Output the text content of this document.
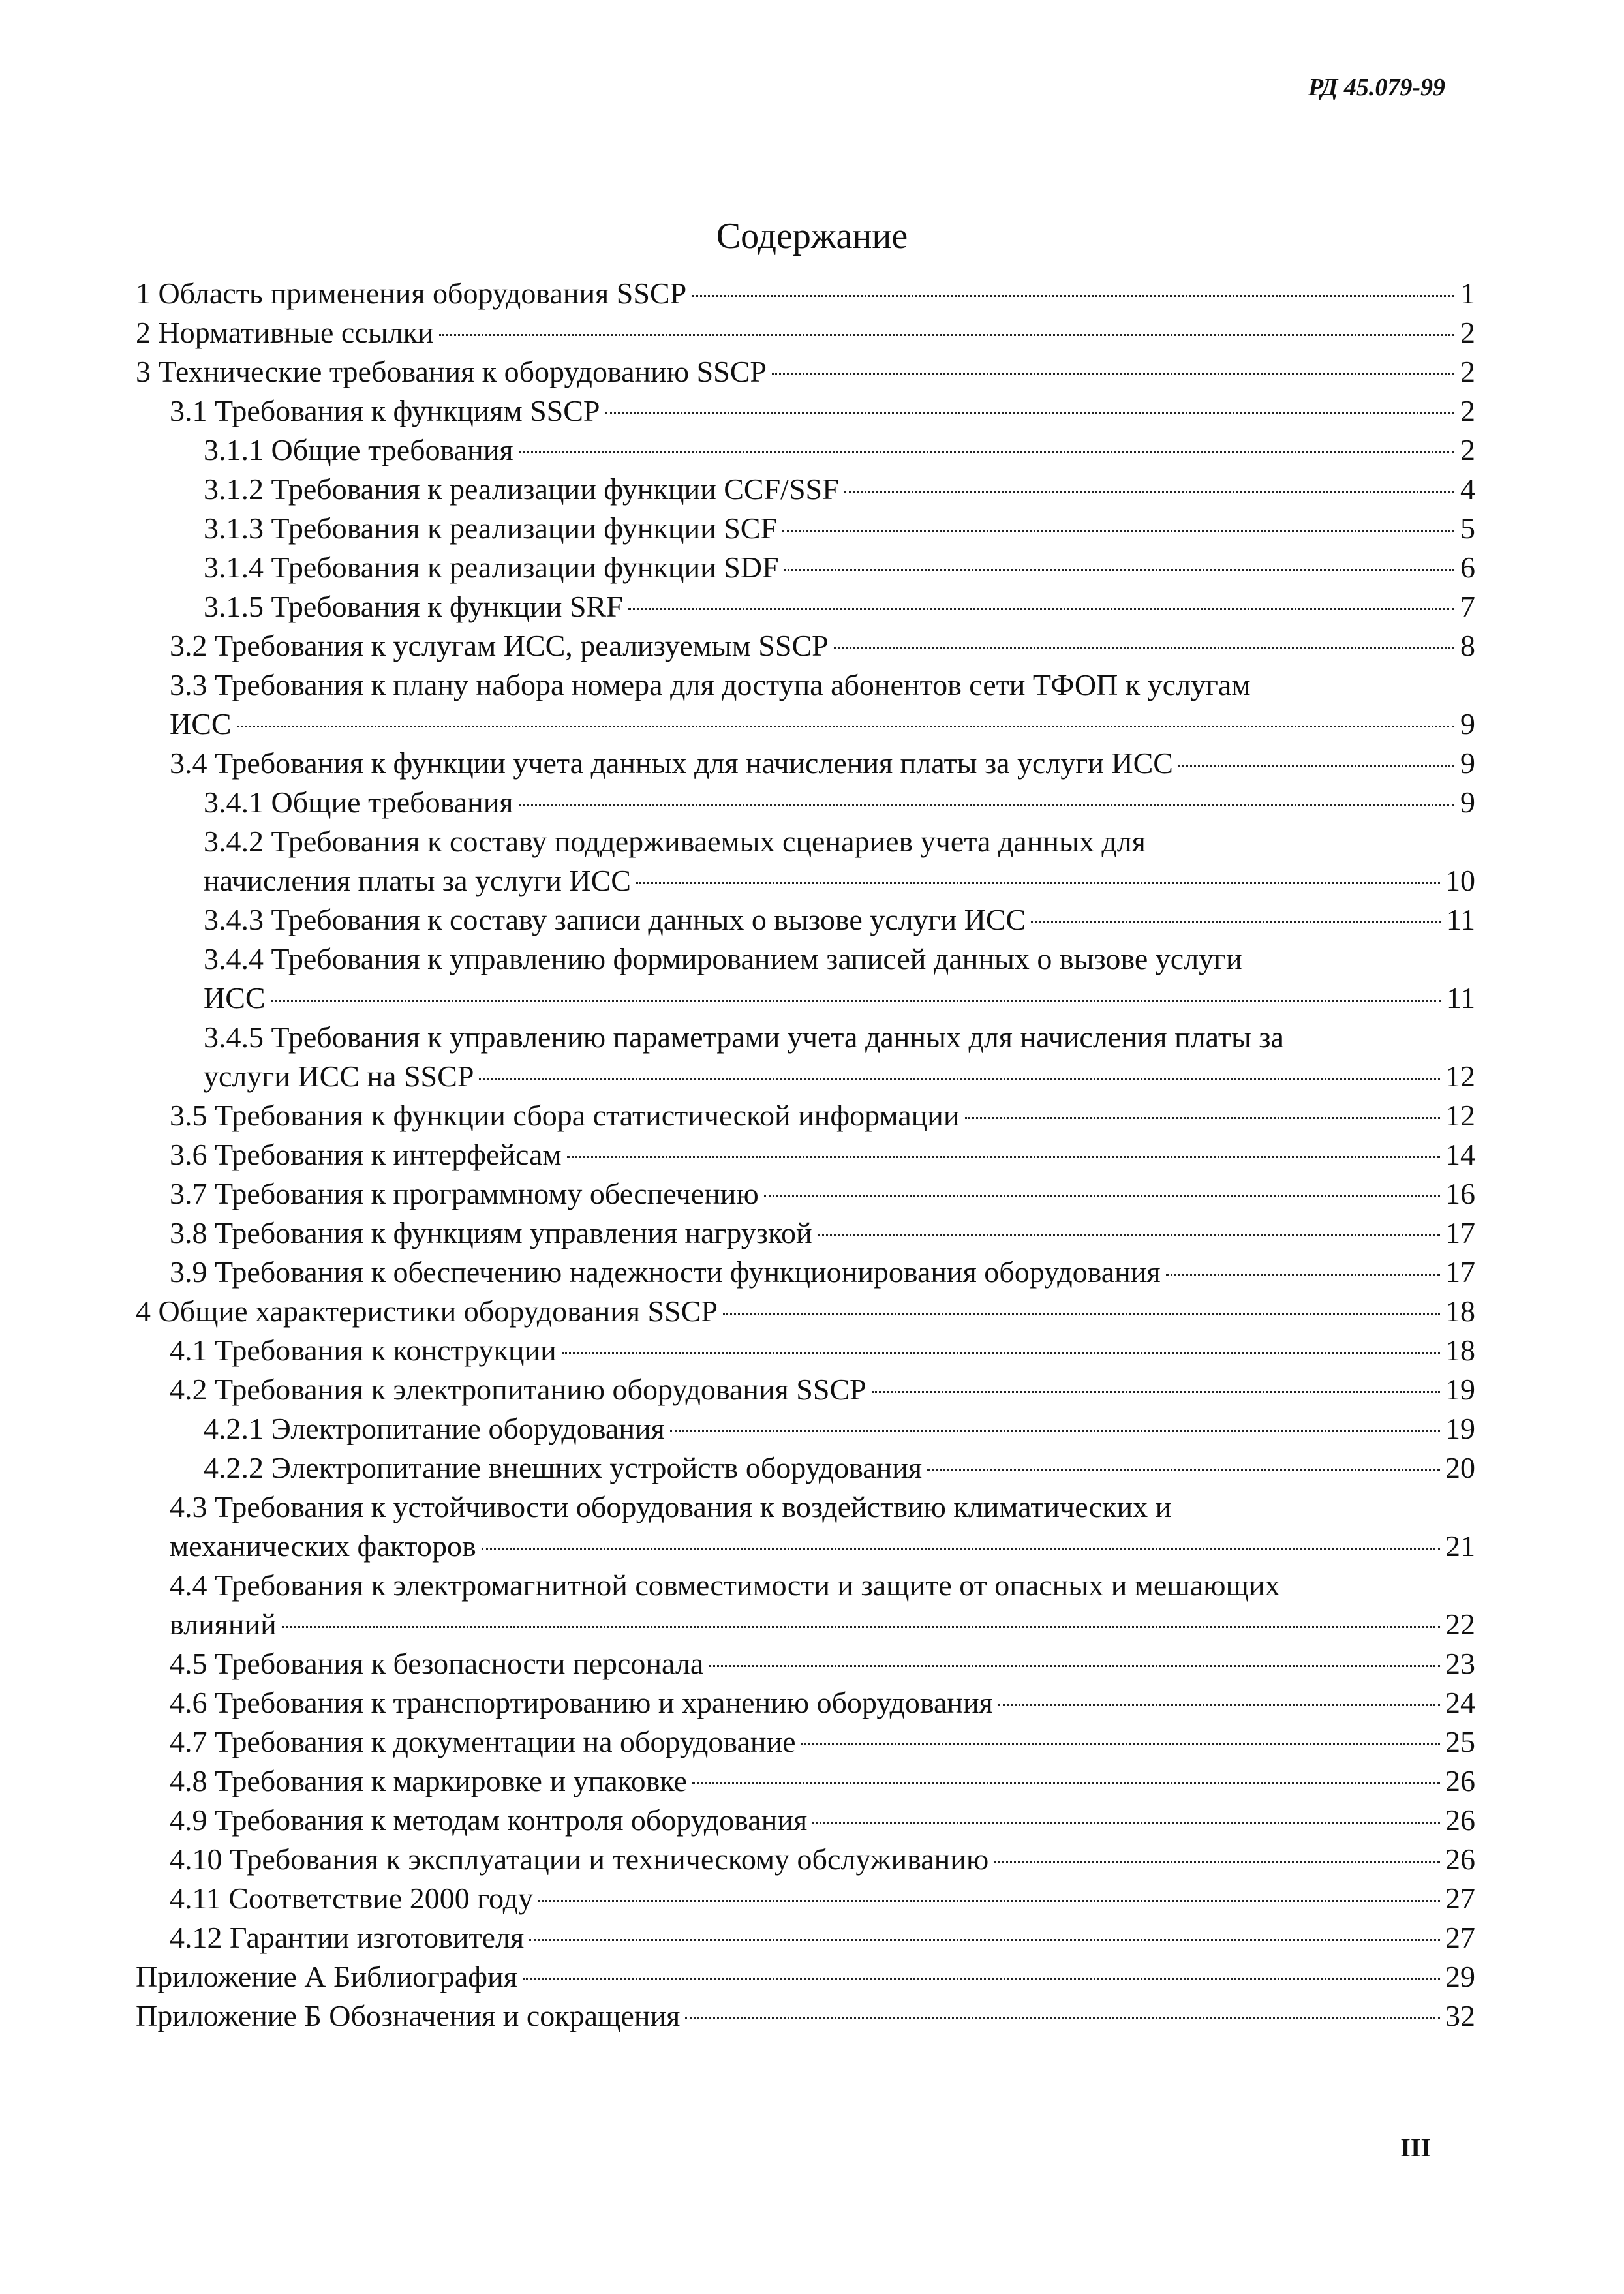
РД 45.079-99
Содержание
1 Область применения оборудования SSCP	1
2 Нормативные ссылки	2
3 Технические требования к оборудованию SSCP	2
3.1 Требования к функциям SSCP	2
3.1.1 Общие требования	2
3.1.2 Требования к реализации функции CCF/SSF	4
3.1.3 Требования к реализации функции SCF	5
3.1.4 Требования к реализации функции SDF	6
3.1.5 Требования к функции SRF	7
3.2 Требования к услугам ИСС, реализуемым SSCP	8
3.3 Требования к плану набора номера для доступа абонентов сети ТФОП к услугам
ИСС	9
3.4 Требования к функции учета данных для начисления платы за услуги ИСС	9
3.4.1 Общие требования	9
3.4.2 Требования к составу поддерживаемых сценариев учета данных для
начисления платы за услуги ИСС	10
3.4.3 Требования к составу записи данных о вызове услуги ИСС	11
3.4.4 Требования к управлению формированием записей данных о вызове услуги
ИСС	11
3.4.5 Требования к управлению параметрами учета данных для начисления платы за
услуги ИСС на SSCP	12
3.5 Требования к функции сбора статистической информации	12
3.6 Требования к интерфейсам	14
3.7 Требования к программному обеспечению	16
3.8 Требования к функциям управления нагрузкой	17
3.9 Требования к обеспечению надежности функционирования оборудования	17
4 Общие характеристики оборудования SSCP	18
4.1 Требования к конструкции	18
4.2 Требования к электропитанию оборудования SSCP	19
4.2.1 Электропитание оборудования	19
4.2.2 Электропитание внешних устройств оборудования	20
4.3 Требования к устойчивости оборудования к воздействию климатических и
механических факторов	21
4.4 Требования к электромагнитной совместимости и защите от опасных и мешающих
влияний	22
4.5 Требования к безопасности персонала	23
4.6 Требования к транспортированию и хранению оборудования	24
4.7 Требования к документации на оборудование	25
4.8 Требования к маркировке и упаковке	26
4.9 Требования к методам контроля оборудования	26
4.10 Требования к эксплуатации и техническому обслуживанию	26
4.11 Соответствие 2000 году	27
4.12 Гарантии изготовителя	27
Приложение А Библиография	29
Приложение Б Обозначения и сокращения	32
III
